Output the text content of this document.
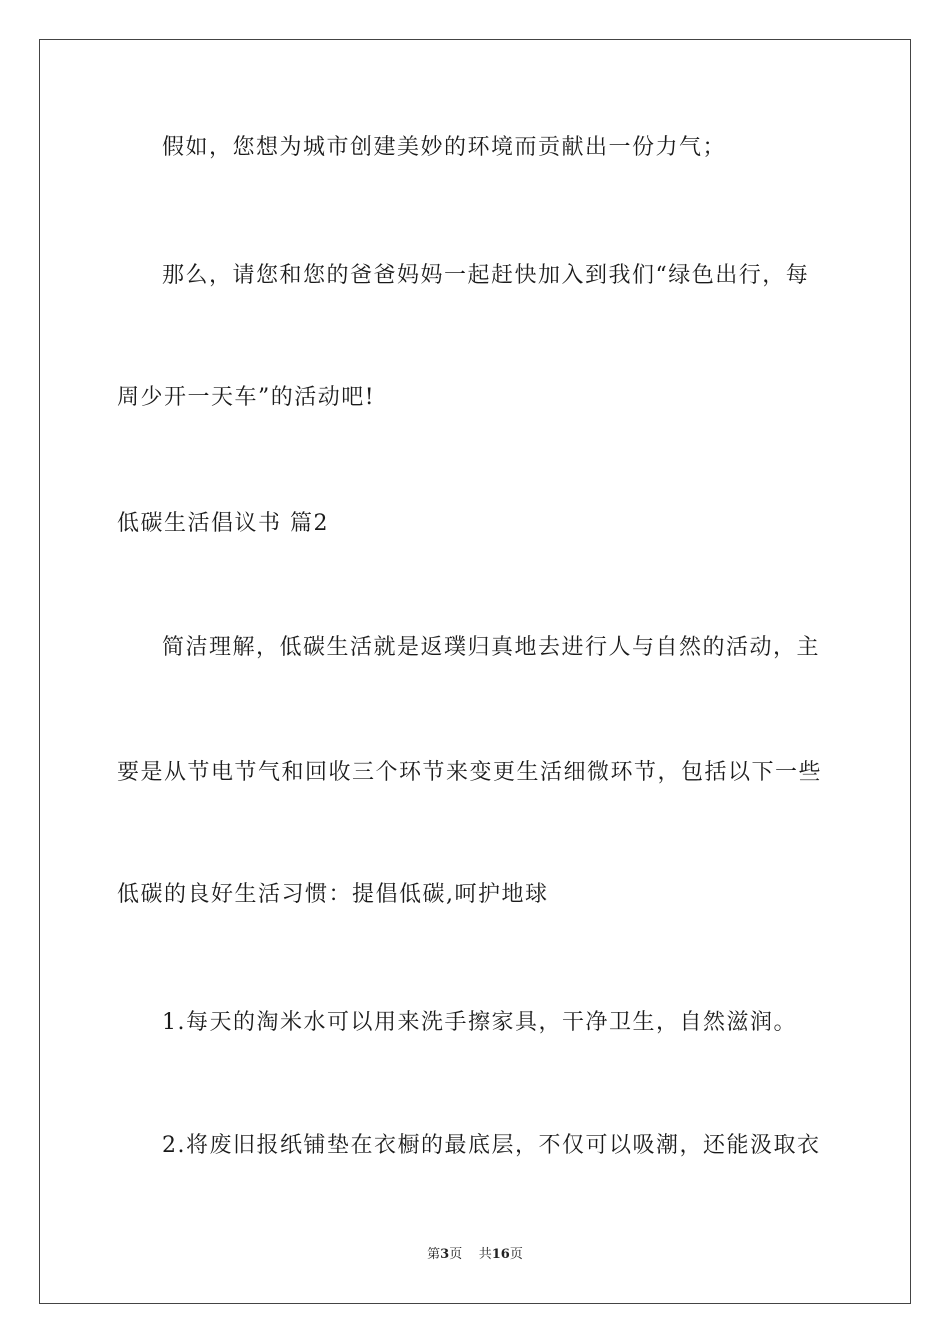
假如，您想为城市创建美妙的环境而贡献出一份力气；
那么，请您和您的爸爸妈妈一起赶快加入到我们“绿色出行，每
周少开一天车”的活动吧!
低碳生活倡议书 篇2
简洁理解，低碳生活就是返璞归真地去进行人与自然的活动，主
要是从节电节气和回收三个环节来变更生活细微环节，包括以下一些
低碳的良好生活习惯：提倡低碳,呵护地球
1.每天的淘米水可以用来洗手擦家具，干净卫生，自然滋润。
2.将废旧报纸铺垫在衣橱的最底层，不仅可以吸潮，还能汲取衣
第3页 共16页
